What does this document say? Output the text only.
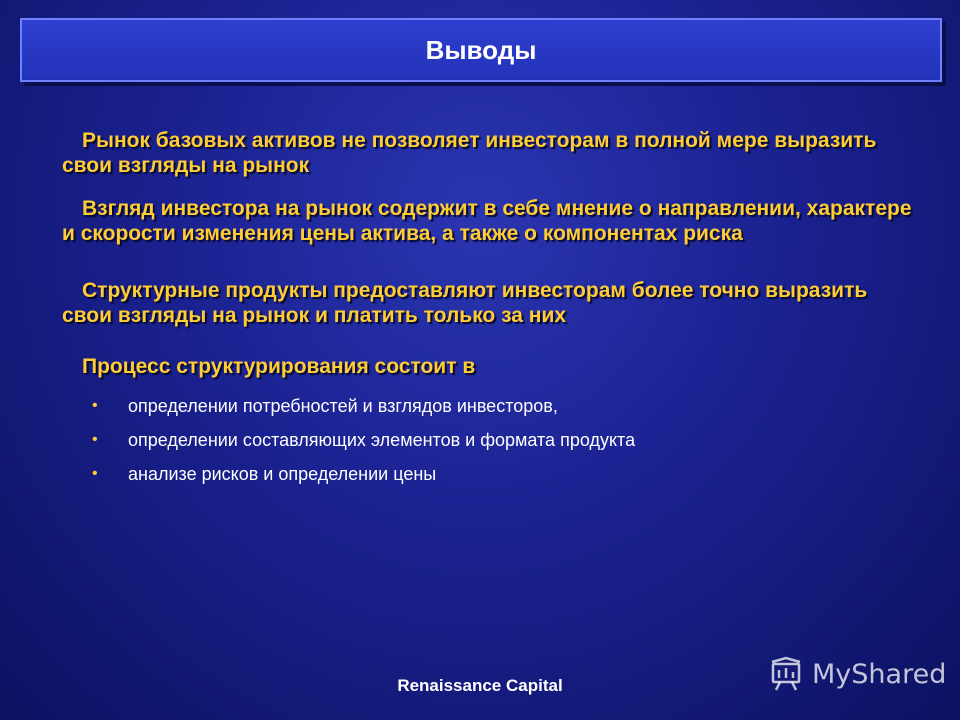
Выводы

Рынок базовых активов не позволяет инвесторам в полной мере выразить свои взгляды на рынок

Взгляд инвестора на рынок содержит в себе мнение о направлении, характере и скорости изменения цены актива, а также о компонентах риска

Структурные продукты предоставляют инвесторам более точно выразить свои взгляды на рынок и платить только за них

Процесс структурирования состоит в

• определении потребностей и взглядов инвесторов,
• определении составляющих элементов и формата продукта
• анализе рисков и определении цены
Renaissance Capital	MyShared
